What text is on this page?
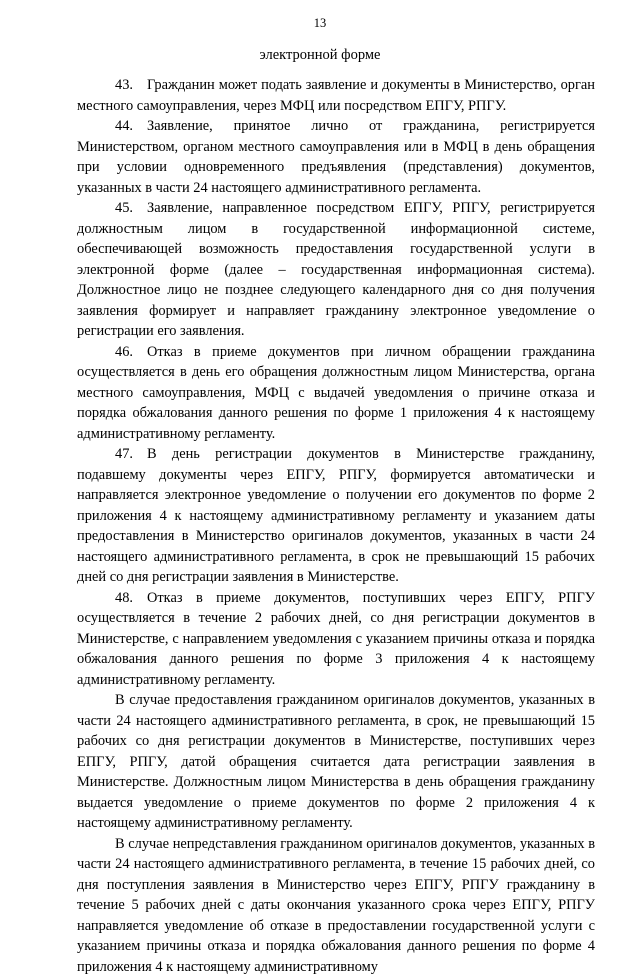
13
электронной форме

43. Гражданин может подать заявление и документы в Министерство, орган местного самоуправления, через МФЦ или посредством ЕПГУ, РПГУ.

44. Заявление, принятое лично от гражданина, регистрируется Министерством, органом местного самоуправления или в МФЦ в день обращения при условии одновременного предъявления (представления) документов, указанных в части 24 настоящего административного регламента.

45. Заявление, направленное посредством ЕПГУ, РПГУ, регистрируется должностным лицом в государственной информационной системе, обеспечивающей возможность предоставления государственной услуги в электронной форме (далее – государственная информационная система). Должностное лицо не позднее следующего календарного дня со дня получения заявления формирует и направляет гражданину электронное уведомление о регистрации его заявления.

46. Отказ в приеме документов при личном обращении гражданина осуществляется в день его обращения должностным лицом Министерства, органа местного самоуправления, МФЦ с выдачей уведомления о причине отказа и порядка обжалования данного решения по форме 1 приложения 4 к настоящему административному регламенту.

47. В день регистрации документов в Министерстве гражданину, подавшему документы через ЕПГУ, РПГУ, формируется автоматически и направляется электронное уведомление о получении его документов по форме 2 приложения 4 к настоящему административному регламенту и указанием даты предоставления в Министерство оригиналов документов, указанных в части 24 настоящего административного регламента, в срок не превышающий 15 рабочих дней со дня регистрации заявления в Министерстве.

48. Отказ в приеме документов, поступивших через ЕПГУ, РПГУ осуществляется в течение 2 рабочих дней, со дня регистрации документов в Министерстве, с направлением уведомления с указанием причины отказа и порядка обжалования данного решения по форме 3 приложения 4 к настоящему административному регламенту.

В случае предоставления гражданином оригиналов документов, указанных в части 24 настоящего административного регламента, в срок, не превышающий 15 рабочих со дня регистрации документов в Министерстве, поступивших через ЕПГУ, РПГУ, датой обращения считается дата регистрации заявления в Министерстве. Должностным лицом Министерства в день обращения гражданину выдается уведомление о приеме документов по форме 2 приложения 4 к настоящему административному регламенту.

В случае непредставления гражданином оригиналов документов, указанных в части 24 настоящего административного регламента, в течение 15 рабочих дней, со дня поступления заявления в Министерство через ЕПГУ, РПГУ гражданину в течение 5 рабочих дней с даты окончания указанного срока через ЕПГУ, РПГУ направляется уведомление об отказе в предоставлении государственной услуги с указанием причины отказа и порядка обжалования данного решения по форме 4 приложения 4 к настоящему административному
